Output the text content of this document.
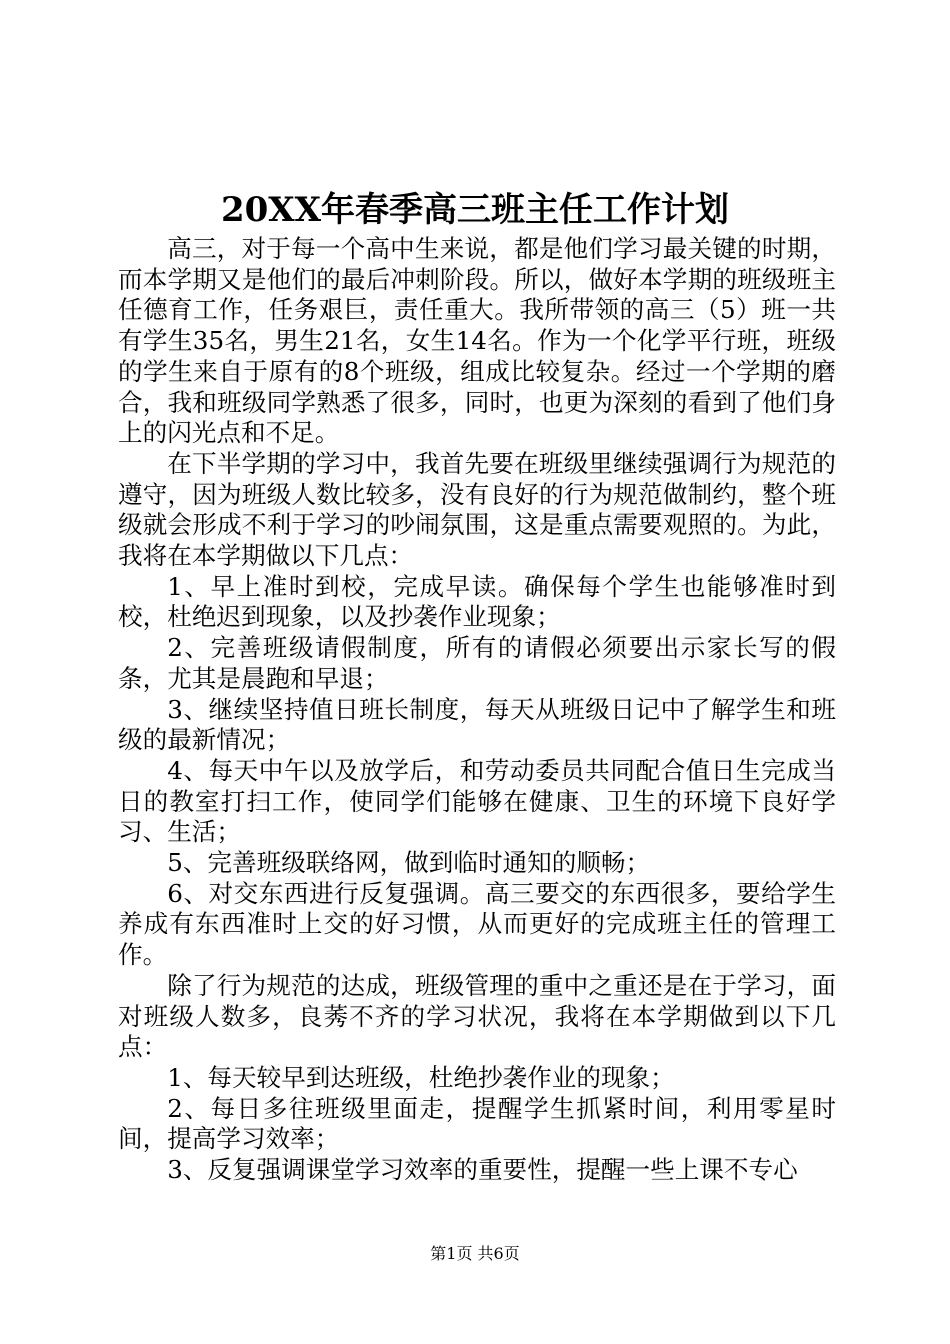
20XX年春季高三班主任工作计划

高三，对于每一个高中生来说，都是他们学习最关键的时期，而本学期又是他们的最后冲刺阶段。所以，做好本学期的班级班主任德育工作，任务艰巨，责任重大。我所带领的高三（5）班一共有学生35名，男生21名，女生14名。作为一个化学平行班，班级的学生来自于原有的8个班级，组成比较复杂。经过一个学期的磨合，我和班级同学熟悉了很多，同时，也更为深刻的看到了他们身上的闪光点和不足。

在下半学期的学习中，我首先要在班级里继续强调行为规范的遵守，因为班级人数比较多，没有良好的行为规范做制约，整个班级就会形成不利于学习的吵闹氛围，这是重点需要观照的。为此，我将在本学期做以下几点：

1、早上准时到校，完成早读。确保每个学生也能够准时到校，杜绝迟到现象，以及抄袭作业现象；

2、完善班级请假制度，所有的请假必须要出示家长写的假条，尤其是晨跑和早退；

3、继续坚持值日班长制度，每天从班级日记中了解学生和班级的最新情况；

4、每天中午以及放学后，和劳动委员共同配合值日生完成当日的教室打扫工作，使同学们能够在健康、卫生的环境下良好学习、生活；

5、完善班级联络网，做到临时通知的顺畅；

6、对交东西进行反复强调。高三要交的东西很多，要给学生养成有东西准时上交的好习惯，从而更好的完成班主任的管理工作。

除了行为规范的达成，班级管理的重中之重还是在于学习，面对班级人数多，良莠不齐的学习状况，我将在本学期做到以下几点：

1、每天较早到达班级，杜绝抄袭作业的现象；

2、每日多往班级里面走，提醒学生抓紧时间，利用零星时间，提高学习效率；

3、反复强调课堂学习效率的重要性，提醒一些上课不专心

第1页 共6页
